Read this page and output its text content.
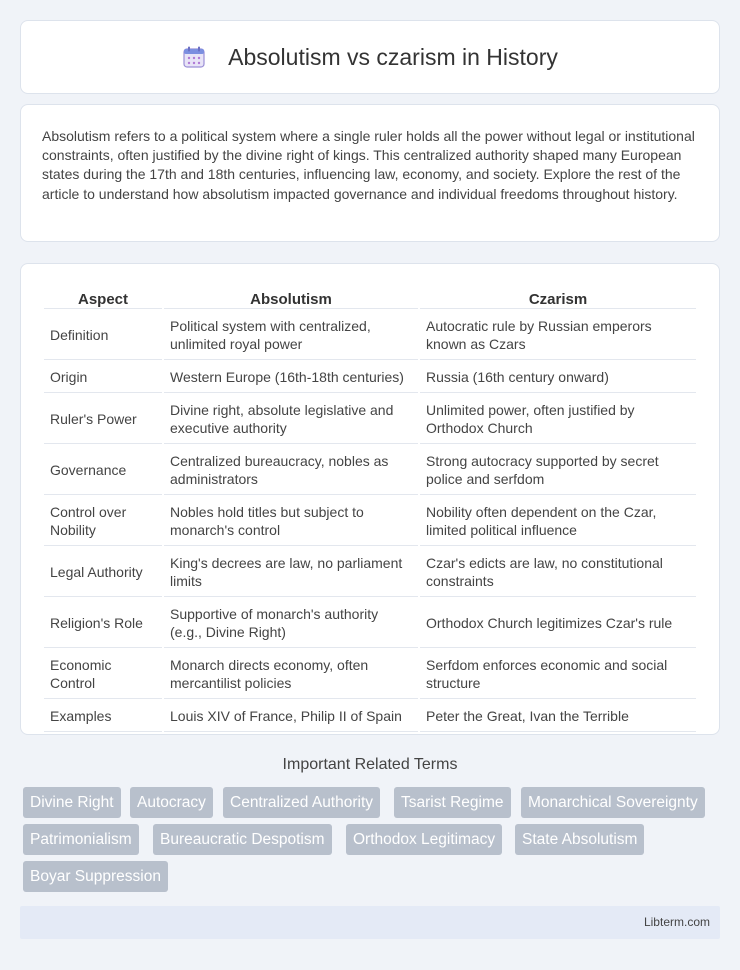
Absolutism vs czarism in History

Absolutism refers to a political system where a single ruler holds all the power without legal or institutional constraints, often justified by the divine right of kings. This centralized authority shaped many European states during the 17th and 18th centuries, influencing law, economy, and society. Explore the rest of the article to understand how absolutism impacted governance and individual freedoms throughout history.

Aspect	Absolutism	Czarism
Definition	Political system with centralized, unlimited royal power	Autocratic rule by Russian emperors known as Czars
Origin	Western Europe (16th-18th centuries)	Russia (16th century onward)
Ruler's Power	Divine right, absolute legislative and executive authority	Unlimited power, often justified by Orthodox Church
Governance	Centralized bureaucracy, nobles as administrators	Strong autocracy supported by secret police and serfdom
Control over Nobility	Nobles hold titles but subject to monarch's control	Nobility often dependent on the Czar, limited political influence
Legal Authority	King's decrees are law, no parliament limits	Czar's edicts are law, no constitutional constraints
Religion's Role	Supportive of monarch's authority (e.g., Divine Right)	Orthodox Church legitimizes Czar's rule
Economic Control	Monarch directs economy, often mercantilist policies	Serfdom enforces economic and social structure
Examples	Louis XIV of France, Philip II of Spain	Peter the Great, Ivan the Terrible
Important Related Terms
Divine Right	Autocracy	Centralized Authority	Tsarist Regime	Monarchical Sovereignty
Patrimonialism	Bureaucratic Despotism	Orthodox Legitimacy	State Absolutism
Boyar Suppression
Libterm.com
